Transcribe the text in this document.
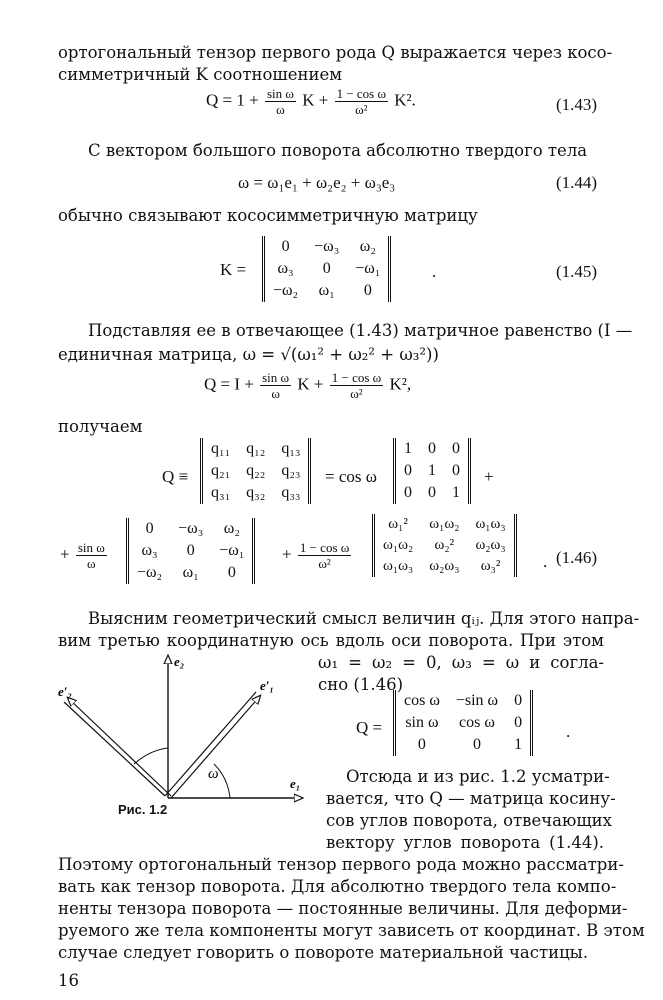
ортогональный тензор первого рода Q выражается через косо-
симметричный K соотношением
$Q = 1 + \frac{\text{sin ω}}{\omega}$ $K + \frac{\text{1 − cos ω}}{\text{ω²}} K^2$.	(1.43)
С вектором большого поворота абсолютно твердого тела
ω = ω₁e₁ + ω₂e₂ + ω₃e₃	(1.44)
обычно связывают кососимметричную матрицу
K =
0	−ω₃	ω₂
ω₃	0	−ω₁
−ω₂	ω₁	0
.	(1.45)
Подставляя ее в отвечающее (1.43) матричное равенство (I —
единичная матрица, ω = √(ω₁² + ω₂² + ω₃²))
$Q = I + \frac{\text{sin ω}}{\omega}$ $K + \frac{\text{1 − cos ω}}{\text{ω²}} K^2$,
получаем
Q ≡
q₁₁	q₁₂	q₁₃
q₂₁	q₂₂	q₂₃
q₃₁	q₃₂	q₃₃
= cos ω
1	0	0
0	1	0
0	0	1
+
+ $\frac{\text{sin ω}}{\omega}$
0	−ω₃	ω₂
ω₃	0	−ω₁
−ω₂	ω₁	0
+ $\frac{\text{1 − cos ω}}{\text{ω²}}$
ω₁²	ω₁ω₂	ω₁ω₃
ω₁ω₂	ω₂²	ω₂ω₃
ω₁ω₃	ω₂ω₃	ω₃²	. (1.46)
Выясним геометрический смысл величин qᵢⱼ. Для этого напра-
вим третью координатную ось вдоль оси поворота. При этом
ω₁ = ω₂ = 0, ω₃ = ω и согла-
сно (1.46)
e₂
e′₂	e′₁
e₁
ω
Рис. 1.2
Q =
cos ω	−sin ω	0
sin ω	cos ω	0
0	0	1
.
Отсюда и из рис. 1.2 усматри-
вается, что Q — матрица косину-
сов углов поворота, отвечающих
вектору углов поворота (1.44).
Поэтому ортогональный тензор первого рода можно рассматри-
вать как тензор поворота. Для абсолютно твердого тела компо-
ненты тензора поворота — постоянные величины. Для деформи-
руемого же тела компоненты могут зависеть от координат. В этом
случае следует говорить о повороте материальной частицы.
16
